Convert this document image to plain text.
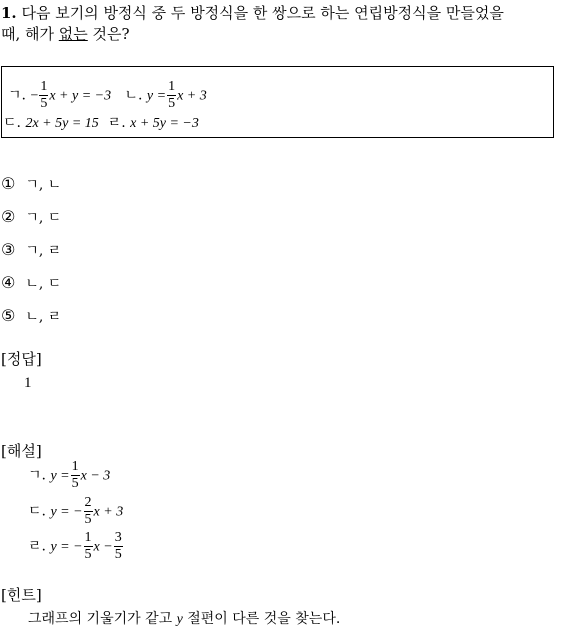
1. 다음 보기의 방정식 중 두 방정식을 한 쌍으로 하는 연립방정식을 만들었을
때, 해가 없는 것은?
ㄱ. − $\frac{1}{5}$ x + y = −3 ㄴ. $y = \frac{1}{5}$ x + 3
ㄷ. 2x + 5y = 15 ㄹ. x + 5y = −3
① ㄱ, ㄴ
② ㄱ, ㄷ
③ ㄱ, ㄹ
④ ㄴ, ㄷ
⑤ ㄴ, ㄹ
[정답]
1
[해설]
ㄱ. $y = \frac{1}{5}$ x − 3
ㄷ. y = − $\frac{2}{5}$ x + 3
ㄹ. y = − $\frac{1}{5}$ $x - \frac{3}{5}$
[힌트]
그래프의 기울기가 같고 y 절편이 다른 것을 찾는다.
